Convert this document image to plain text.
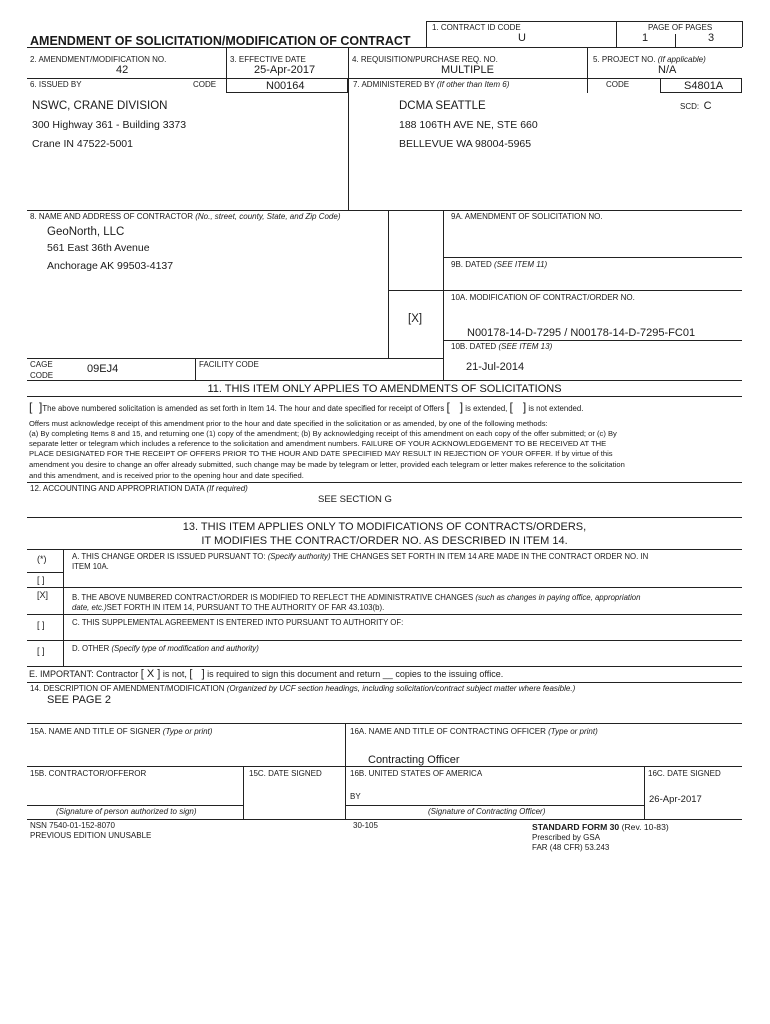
AMENDMENT OF SOLICITATION/MODIFICATION OF CONTRACT
1. CONTRACT ID CODE
U
PAGE OF PAGES
1	3
2. AMENDMENT/MODIFICATION NO.
42
3. EFFECTIVE DATE
25-Apr-2017
4. REQUISITION/PURCHASE REQ. NO.
MULTIPLE
5. PROJECT NO. (If applicable)
N/A
6. ISSUED BY	CODE	N00164	7. ADMINISTERED BY (If other than Item 6)	CODE	S4801A
SCD: C
NSWC, CRANE DIVISION
300 Highway 361 - Building 3373
Crane IN 47522-5001
DCMA SEATTLE
188 106TH AVE NE, STE 660
BELLEVUE WA 98004-5965
8. NAME AND ADDRESS OF CONTRACTOR (No., street, county, State, and Zip Code)
GeoNorth, LLC
561 East 36th Avenue
Anchorage AK 99503-4137
9A. AMENDMENT OF SOLICITATION NO.
9B. DATED (SEE ITEM 11)
10A. MODIFICATION OF CONTRACT/ORDER NO.
[X]
N00178-14-D-7295 / N00178-14-D-7295-FC01
10B. DATED (SEE ITEM 13)
21-Jul-2014
CAGE
CODE
09EJ4	FACILITY CODE
11. THIS ITEM ONLY APPLIES TO AMENDMENTS OF SOLICITATIONS
[  ]The above numbered solicitation is amended as set forth in Item 14. The hour and date specified for receipt of Offers [   ] is extended, [   ] is not extended.
Offers must acknowledge receipt of this amendment prior to the hour and date specified in the solicitation or as amended, by one of the following methods:
(a) By completing Items 8 and 15, and returning one (1) copy of the amendment; (b) By acknowledging receipt of this amendment on each copy of the offer submitted; or (c) By
separate letter or telegram which includes a reference to the solicitation and amendment numbers. FAILURE OF YOUR ACKNOWLEDGEMENT TO BE RECEIVED AT THE
PLACE DESIGNATED FOR THE RECEIPT OF OFFERS PRIOR TO THE HOUR AND DATE SPECIFIED MAY RESULT IN REJECTION OF YOUR OFFER. If by virtue of this
amendment you desire to change an offer already submitted, such change may be made by telegram or letter, provided each telegram or letter makes reference to the solicitation
and this amendment, and is received prior to the opening hour and date specified.
12. ACCOUNTING AND APPROPRIATION DATA (If required)
SEE SECTION G
13. THIS ITEM APPLIES ONLY TO MODIFICATIONS OF CONTRACTS/ORDERS,
IT MODIFIES THE CONTRACT/ORDER NO. AS DESCRIBED IN ITEM 14.
(*)	A. THIS CHANGE ORDER IS ISSUED PURSUANT TO: (Specify authority) THE CHANGES SET FORTH IN ITEM 14 ARE MADE IN THE CONTRACT ORDER NO. IN
ITEM 10A.
[ ]
[X]	B. THE ABOVE NUMBERED CONTRACT/ORDER IS MODIFIED TO REFLECT THE ADMINISTRATIVE CHANGES (such as changes in paying office, appropriation
date, etc.)SET FORTH IN ITEM 14, PURSUANT TO THE AUTHORITY OF FAR 43.103(b).
[ ]	C. THIS SUPPLEMENTAL AGREEMENT IS ENTERED INTO PURSUANT TO AUTHORITY OF:
[ ]	D. OTHER (Specify type of modification and authority)
E. IMPORTANT: Contractor [ X ] is not, [   ] is required to sign this document and return __ copies to the issuing office.
14. DESCRIPTION OF AMENDMENT/MODIFICATION (Organized by UCF section headings, including solicitation/contract subject matter where feasible.)
SEE PAGE 2
15A. NAME AND TITLE OF SIGNER (Type or print)	16A. NAME AND TITLE OF CONTRACTING OFFICER (Type or print)
Contracting Officer
15B. CONTRACTOR/OFFEROR	15C. DATE SIGNED	16B. UNITED STATES OF AMERICA	16C. DATE SIGNED
BY	26-Apr-2017
(Signature of person authorized to sign)	(Signature of Contracting Officer)
NSN 7540-01-152-8070
PREVIOUS EDITION UNUSABLE
30-105	STANDARD FORM 30 (Rev. 10-83)
Prescribed by GSA
FAR (48 CFR) 53.243
